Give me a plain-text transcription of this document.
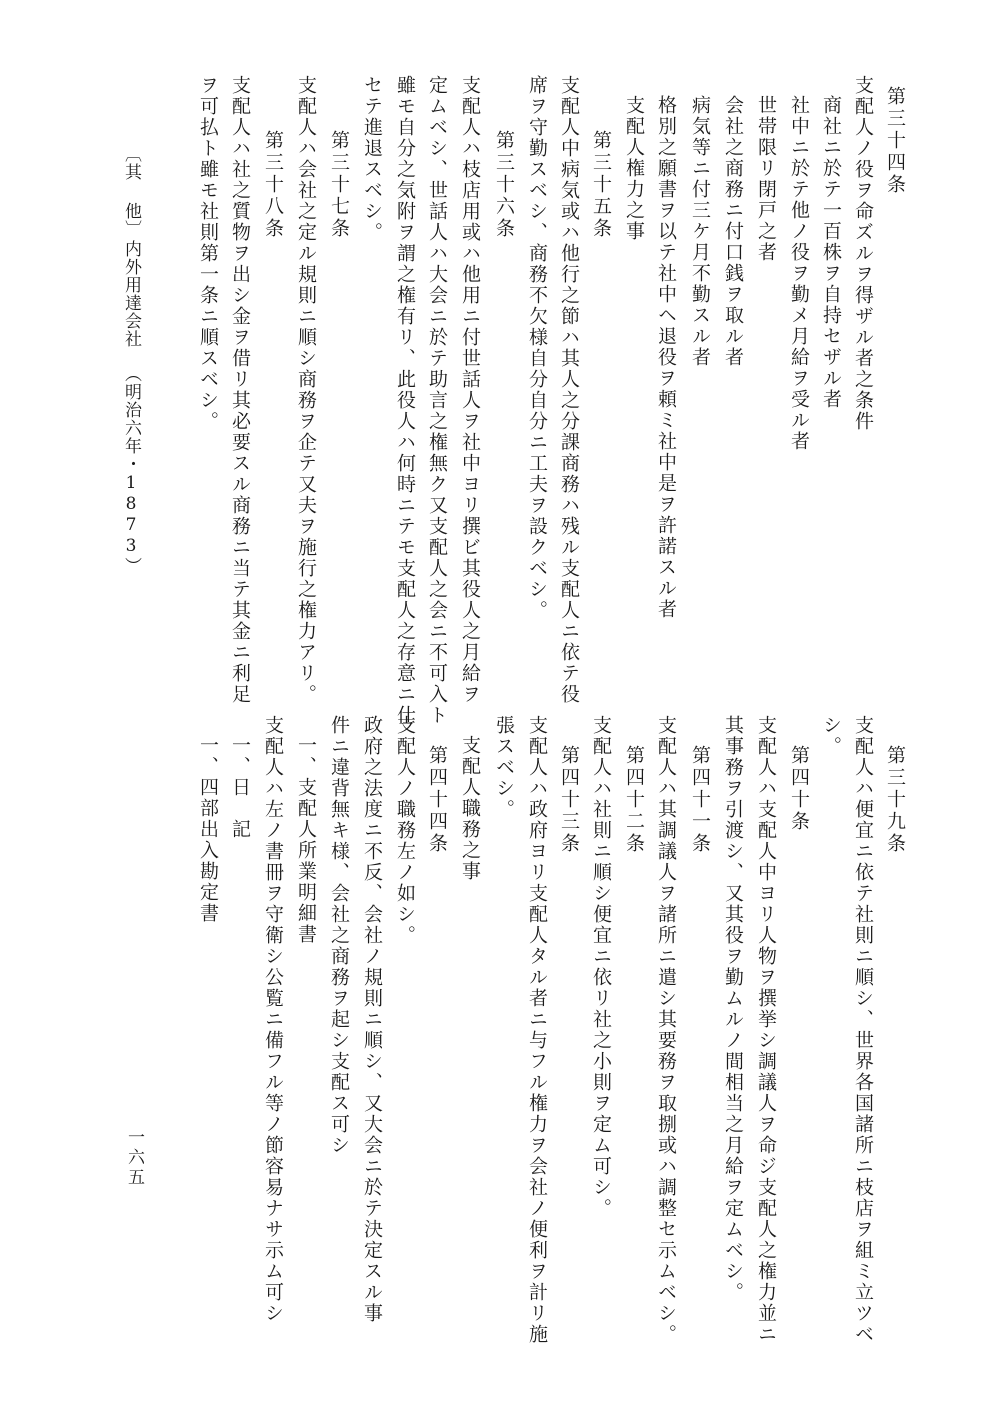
第三十四条
支配人ノ役ヲ命ズルヲ得ザル者之条件
商社ニ於テ一百株ヲ自持セザル者
社中ニ於テ他ノ役ヲ勤メ月給ヲ受ル者
世帯限リ閉戸之者
会社之商務ニ付口銭ヲ取ル者
病気等ニ付三ケ月不勤スル者
格別之願書ヲ以テ社中ヘ退役ヲ頼ミ社中是ヲ許諾スル者
支配人権力之事
第三十五条
支配人中病気或ハ他行之節ハ其人之分課商務ハ残ル支配人ニ依テ役
席ヲ守勤スベシ、商務不欠様自分自分ニ工夫ヲ設クベシ。
第三十六条
支配人ハ枝店用或ハ他用ニ付世話人ヲ社中ヨリ撰ビ其役人之月給ヲ
定ムベシ、世話人ハ大会ニ於テ助言之権無ク又支配人之会ニ不可入ト
雖モ自分之気附ヲ謂之権有リ、此役人ハ何時ニテモ支配人之存意ニ仕
セテ進退スベシ。
第三十七条
支配人ハ会社之定ル規則ニ順シ商務ヲ企テ又夫ヲ施行之権力アリ。
第三十八条
支配人ハ社之質物ヲ出シ金ヲ借リ其必要スル商務ニ当テ其金ニ利足
ヲ可払ト雖モ社則第一条ニ順スベシ。
第三十九条
支配人ハ便宜ニ依テ社則ニ順シ、世界各国諸所ニ枝店ヲ組ミ立ツベ
シ。
第四十条
支配人ハ支配人中ヨリ人物ヲ撰挙シ調議人ヲ命ジ支配人之権力並ニ
其事務ヲ引渡シ、又其役ヲ勤ムルノ間相当之月給ヲ定ムベシ。
第四十一条
支配人ハ其調議人ヲ諸所ニ遣シ其要務ヲ取捌或ハ調整セ示ムベシ。
第四十二条
支配人ハ社則ニ順シ便宜ニ依リ社之小則ヲ定ム可シ。
第四十三条
支配人ハ政府ヨリ支配人タル者ニ与フル権力ヲ会社ノ便利ヲ計リ施
張スベシ。
支配人職務之事
第四十四条
支配人ノ職務左ノ如シ。
政府之法度ニ不反、会社ノ規則ニ順シ、又大会ニ於テ決定スル事
件ニ違背無キ様、会社之商務ヲ起シ支配ス可シ
一、支配人所業明細書
支配人ハ左ノ書冊ヲ守衛シ公覧ニ備フル等ノ節容易ナサ示ム可シ
一、日　記
一、四部出入勘定書
〔其 他〕
内外用達会社
（明治六年・1873）
一六五
